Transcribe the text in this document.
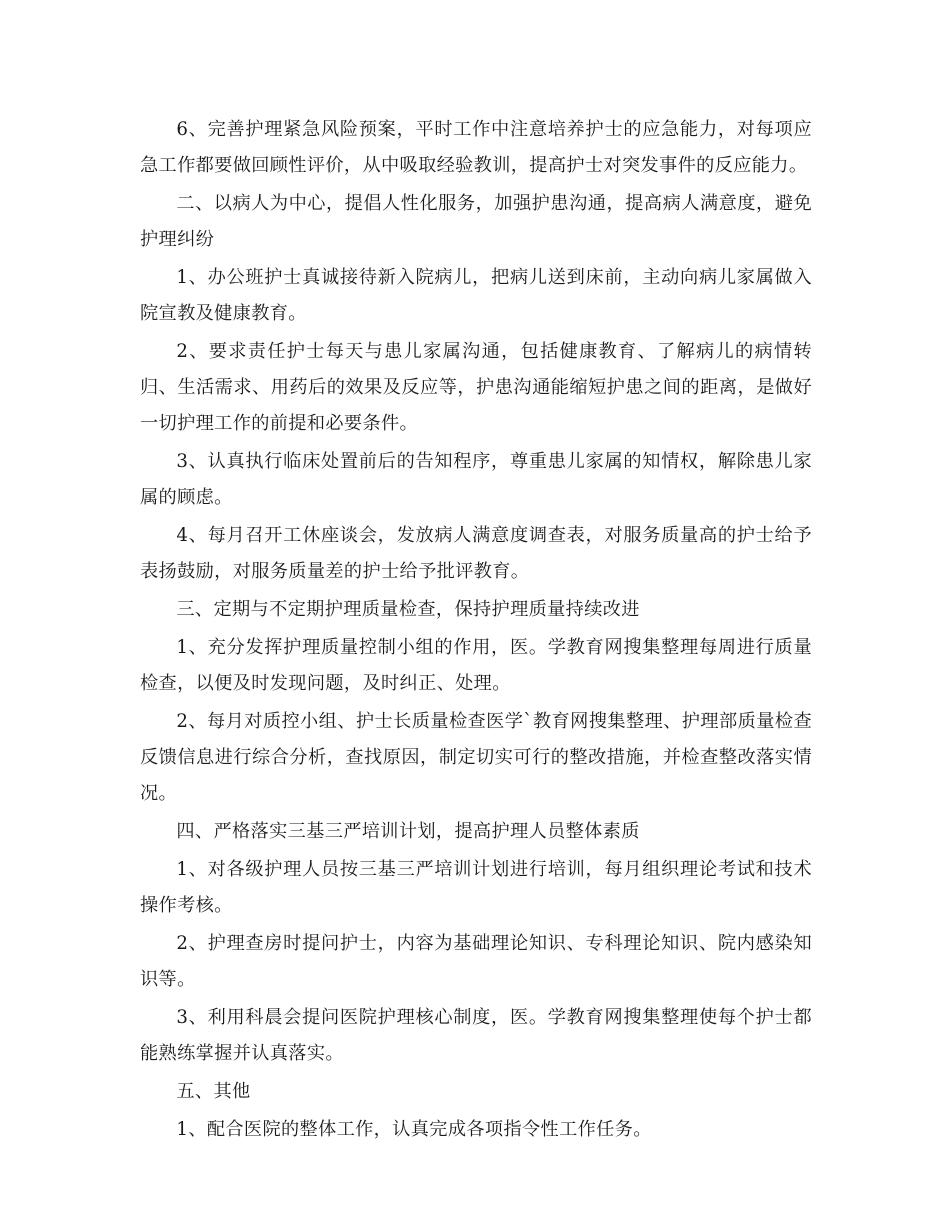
6、完善护理紧急风险预案，平时工作中注意培养护士的应急能力，对每项应急工作都要做回顾性评价，从中吸取经验教训，提高护士对突发事件的反应能力。

二、以病人为中心，提倡人性化服务，加强护患沟通，提高病人满意度，避免护理纠纷

1、办公班护士真诚接待新入院病儿，把病儿送到床前，主动向病儿家属做入院宣教及健康教育。

2、要求责任护士每天与患儿家属沟通，包括健康教育、了解病儿的病情转归、生活需求、用药后的效果及反应等，护患沟通能缩短护患之间的距离，是做好一切护理工作的前提和必要条件。

3、认真执行临床处置前后的告知程序，尊重患儿家属的知情权，解除患儿家属的顾虑。

4、每月召开工休座谈会，发放病人满意度调查表，对服务质量高的护士给予表扬鼓励，对服务质量差的护士给予批评教育。

三、定期与不定期护理质量检查，保持护理质量持续改进

1、充分发挥护理质量控制小组的作用，医。学教育网搜集整理每周进行质量检查，以便及时发现问题，及时纠正、处理。

2、每月对质控小组、护士长质量检查医学`教育网搜集整理、护理部质量检查反馈信息进行综合分析，查找原因，制定切实可行的整改措施，并检查整改落实情况。

四、严格落实三基三严培训计划，提高护理人员整体素质

1、对各级护理人员按三基三严培训计划进行培训，每月组织理论考试和技术操作考核。

2、护理查房时提问护士，内容为基础理论知识、专科理论知识、院内感染知识等。

3、利用科晨会提问医院护理核心制度，医。学教育网搜集整理使每个护士都能熟练掌握并认真落实。

五、其他

1、配合医院的整体工作，认真完成各项指令性工作任务。
